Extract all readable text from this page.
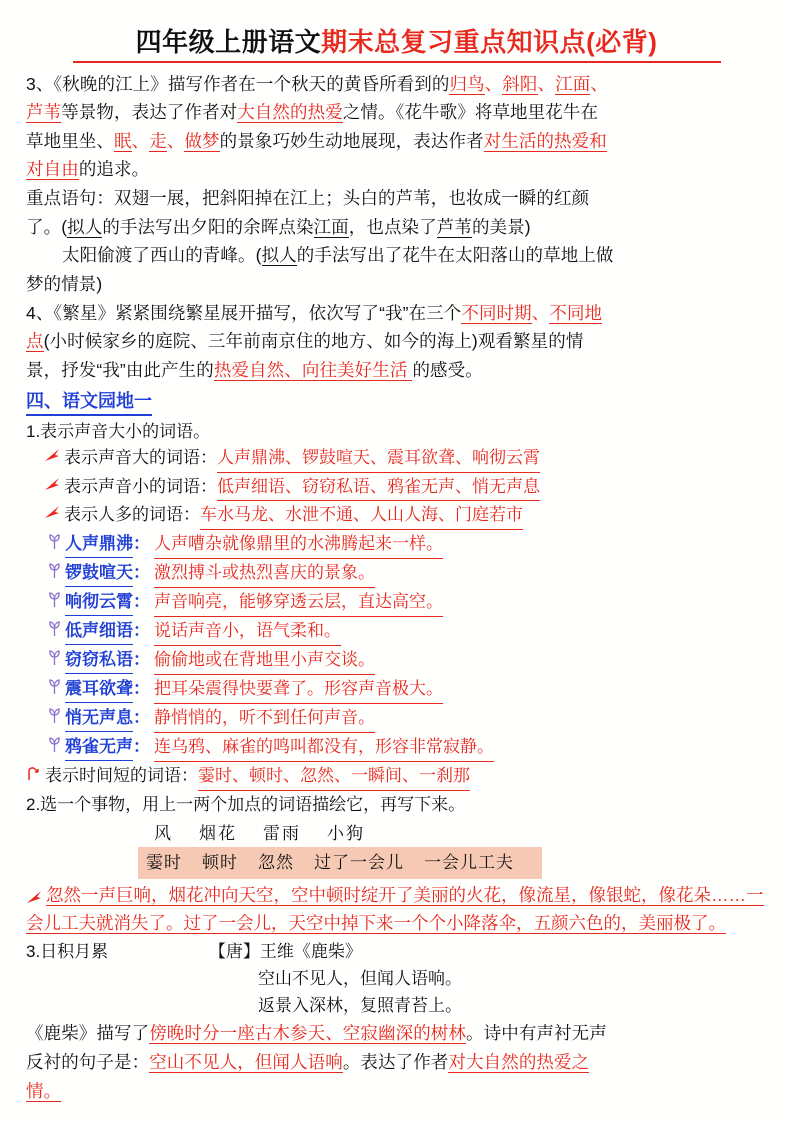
四年级上册语文期末总复习重点知识点(必背)

3、《秋晚的江上》描写作者在一个秋天的黄昏所看到的归鸟、斜阳、江面、

芦苇等景物，表达了作者对大自然的热爱之情。《花牛歌》将草地里花牛在

草地里坐、眠、走、做梦的景象巧妙生动地展现，表达作者对生活的热爱和

对自由的追求。

重点语句：双翅一展，把斜阳掉在江上；头白的芦苇，也妆成一瞬的红颜

了。(拟人的手法写出夕阳的余晖点染江面，也点染了芦苇的美景)

太阳偷渡了西山的青峰。(拟人的手法写出了花牛在太阳落山的草地上做

梦的情景)

4、《繁星》紧紧围绕繁星展开描写，依次写了“我”在三个不同时期、不同地

点(小时候家乡的庭院、三年前南京住的地方、如今的海上)观看繁星的情

景，抒发“我”由此产生的热爱自然、向往美好生活 的感受。

四、语文园地一
1.表示声音大小的词语。
表示声音大的词语： 人声鼎沸、锣鼓喧天、震耳欲聋、响彻云霄
表示声音小的词语： 低声细语、窃窃私语、鸦雀无声、悄无声息
表示人多的词语： 车水马龙、水泄不通、人山人海、门庭若市
人声鼎沸 ： 人声嘈杂就像鼎里的水沸腾起来一样。
锣鼓喧天 ： 激烈搏斗或热烈喜庆的景象。
响彻云霄 ： 声音响亮，能够穿透云层，直达高空。
低声细语 ： 说话声音小，语气柔和。
窃窃私语 ： 偷偷地或在背地里小声交谈。
震耳欲聋 ： 把耳朵震得快要聋了。形容声音极大。
悄无声息 ： 静悄悄的，听不到任何声音。
鸦雀无声 ： 连乌鸦、麻雀的鸣叫都没有，形容非常寂静。
表示时间短的词语： 霎时、顿时、忽然、一瞬间、一刹那
2.选一个事物，用上一两个加点的词语描绘它，再写下来。
风 烟花 雷雨 小狗
霎时 顿时 忽然 过了一会儿 一会儿工夫
忽然一声巨响，烟花冲向天空，空中顿时绽开了美丽的火花，像流星，像银蛇，像花朵……一会儿工夫就消失了。过了一会儿，天空中掉下来一个个小降落伞，五颜六色的，美丽极了。
3.日积月累	【唐】王维《鹿柴》
空山不见人，但闻人语响。
返景入深林，复照青苔上。

《鹿柴》描写了傍晚时分一座古木参天、空寂幽深的树林。诗中有声衬无声

反衬的句子是：空山不见人，但闻人语响。表达了作者对大自然的热爱之

情。
